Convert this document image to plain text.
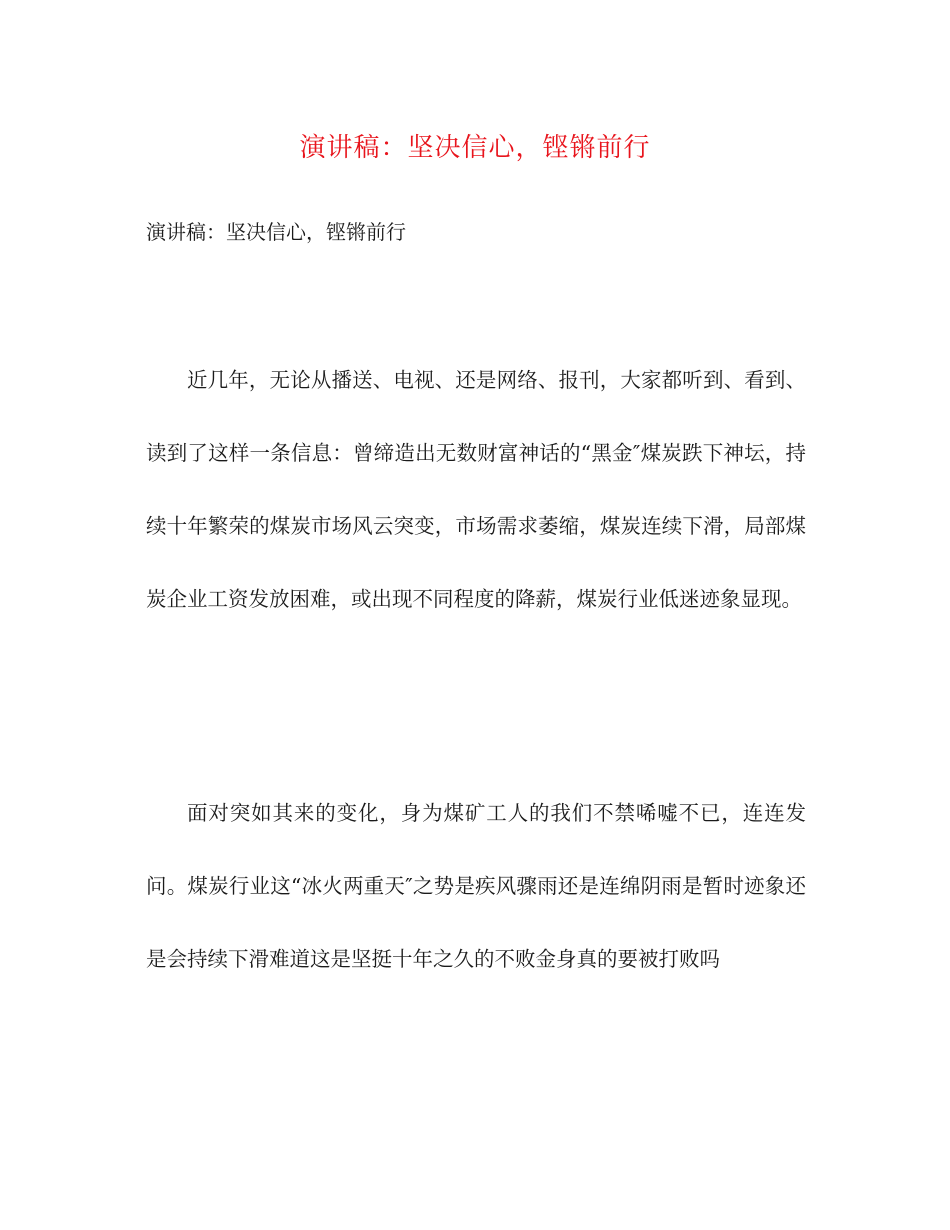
演讲稿：坚决信心，铿锵前行
演讲稿：坚决信心，铿锵前行

近几年，无论从播送、电视、还是网络、报刊，大家都听到、看到、读到了这样一条信息：曾缔造出无数财富神话的“黑金″煤炭跌下神坛，持续十年繁荣的煤炭市场风云突变，市场需求萎缩，煤炭连续下滑，局部煤炭企业工资发放困难，或出现不同程度的降薪，煤炭行业低迷迹象显现。

面对突如其来的变化，身为煤矿工人的我们不禁唏嘘不已，连连发问。煤炭行业这“冰火两重天″之势是疾风骤雨还是连绵阴雨是暂时迹象还是会持续下滑难道这是坚挺十年之久的不败金身真的要被打败吗
